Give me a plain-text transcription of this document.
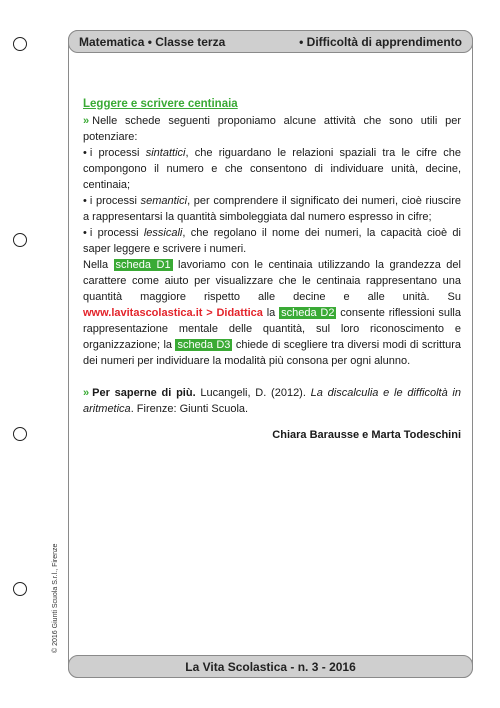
Matematica • Classe terza	• Difficoltà di apprendimento
Leggere e scrivere centinaia

» Nelle schede seguenti proponiamo alcune attività che sono utili per potenziare:

• i processi sintattici, che riguardano le relazioni spaziali tra le cifre che compongono il numero e che consentono di individuare unità, decine, centinaia;

• i processi semantici, per comprendere il significato dei numeri, cioè riuscire a rappresentarsi la quantità simboleggiata dal numero espresso in cifre;

• i processi lessicali, che regolano il nome dei numeri, la capacità cioè di saper leggere e scrivere i numeri.

Nella scheda D1 lavoriamo con le centinaia utilizzando la grandezza del carattere come aiuto per visualizzare che le centinaia rappresentano una quantità maggiore rispetto alle decine e alle unità. Su www.lavitascolastica.it > Didattica la scheda D2 consente riflessioni sulla rappresentazione mentale delle quantità, sul loro riconoscimento e organizzazione; la scheda D3 chiede di scegliere tra diversi modi di scrittura dei numeri per individuare la modalità più consona per ogni alunno.

» Per saperne di più. Lucangeli, D. (2012). La discalculia e le difficoltà in aritmetica. Firenze: Giunti Scuola.

Chiara Barausse e Marta Todeschini
© 2016 Giunti Scuola S.r.l., Firenze
La Vita Scolastica - n. 3 - 2016
